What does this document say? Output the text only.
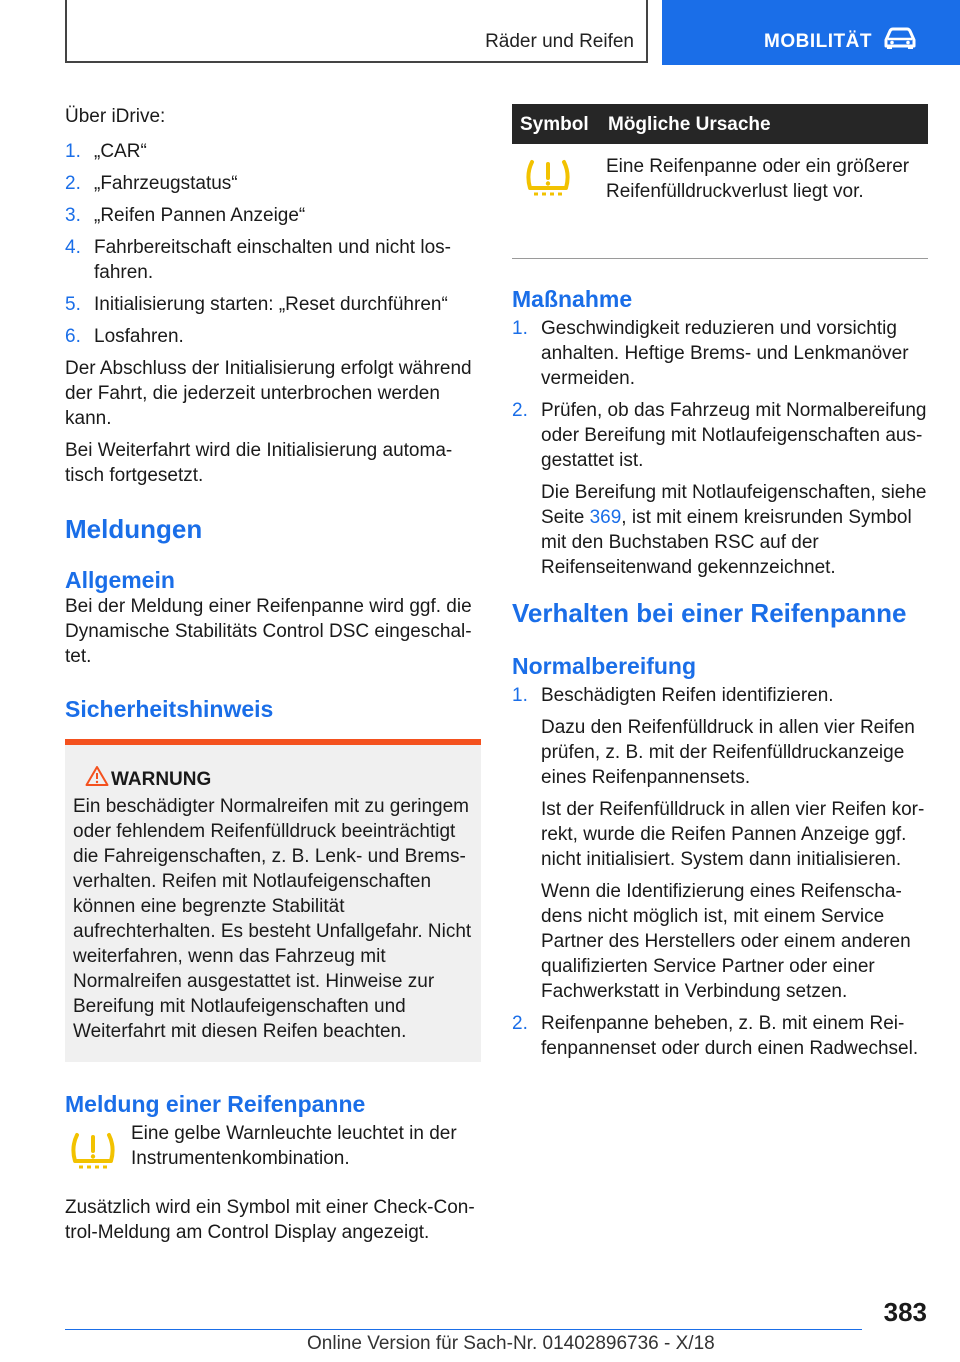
Räder und Reifen	MOBILITÄT

Über iDrive:

1. „CAR“
2. „Fahrzeugstatus“
3. „Reifen Pannen Anzeige“
4. Fahrbereitschaft einschalten und nicht losfahren.
5. Initialisierung starten: „Reset durchführen“
6. Losfahren.

Der Abschluss der Initialisierung erfolgt während der Fahrt, die jederzeit unterbrochen werden kann.

Bei Weiterfahrt wird die Initialisierung automatisch fortgesetzt.

Meldungen
Allgemein

Bei der Meldung einer Reifenpanne wird ggf. die Dynamische Stabilitäts Control DSC eingeschaltet.

Sicherheitshinweis
WARNUNG

Ein beschädigter Normalreifen mit zu geringem oder fehlendem Reifenfülldruck beeinträchtigt die Fahreigenschaften, z. B. Lenk- und Bremsverhalten. Reifen mit Notlaufeigenschaften können eine begrenzte Stabilität aufrechterhalten. Es besteht Unfallgefahr. Nicht weiterfahren, wenn das Fahrzeug mit Normalreifen ausgestattet ist. Hinweise zur Bereifung mit Notlaufeigenschaften und Weiterfahrt mit diesen Reifen beachten.

Meldung einer Reifenpanne

Eine gelbe Warnleuchte leuchtet in der Instrumentenkombination.

Zusätzlich wird ein Symbol mit einer Check-Control-Meldung am Control Display angezeigt.

Symbol Mögliche Ursache

Eine Reifenpanne oder ein größerer Reifenfülldruckverlust liegt vor.

Maßnahme
1. Geschwindigkeit reduzieren und vorsichtig anhalten. Heftige Brems- und Lenkmanöver vermeiden.
2. Prüfen, ob das Fahrzeug mit Normalbereifung oder Bereifung mit Notlaufeigenschaften ausgestattet ist.
Die Bereifung mit Notlaufeigenschaften, siehe Seite 369, ist mit einem kreisrunden Symbol mit den Buchstaben RSC auf der Reifenseitenwand gekennzeichnet.
Verhalten bei einer Reifenpanne
Normalbereifung
1. Beschädigten Reifen identifizieren.
Dazu den Reifenfülldruck in allen vier Reifen prüfen, z. B. mit der Reifenfülldruckanzeige eines Reifenpannensets.
Ist der Reifenfülldruck in allen vier Reifen korrekt, wurde die Reifen Pannen Anzeige ggf. nicht initialisiert. System dann initialisieren.
Wenn die Identifizierung eines Reifenschadens nicht möglich ist, mit einem Service Partner des Herstellers oder einem anderen qualifizierten Service Partner oder einer Fachwerkstatt in Verbindung setzen.
2. Reifenpanne beheben, z. B. mit einem Reifenpannenset oder durch einen Radwechsel.
383
Online Version für Sach-Nr. 01402896736 - X/18
